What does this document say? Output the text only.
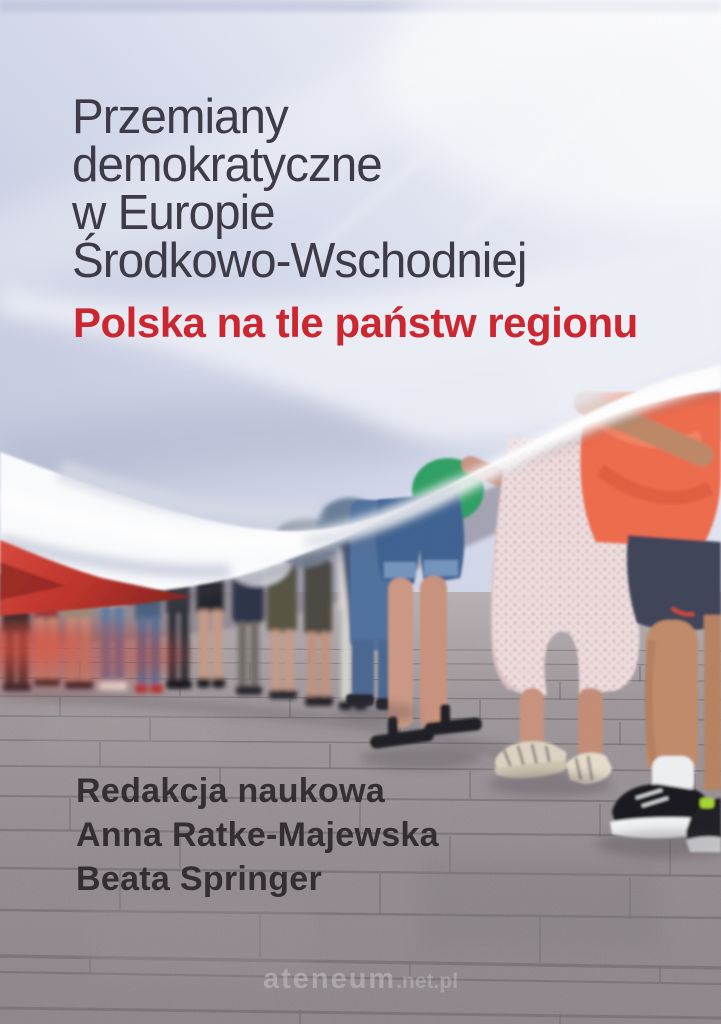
Przemiany
demokratyczne
w Europie
Środkowo-Wschodniej
Polska na tle państw regionu
Redakcja naukowa
Anna Ratke-Majewska
Beata Springer
ateneum.net.pl
